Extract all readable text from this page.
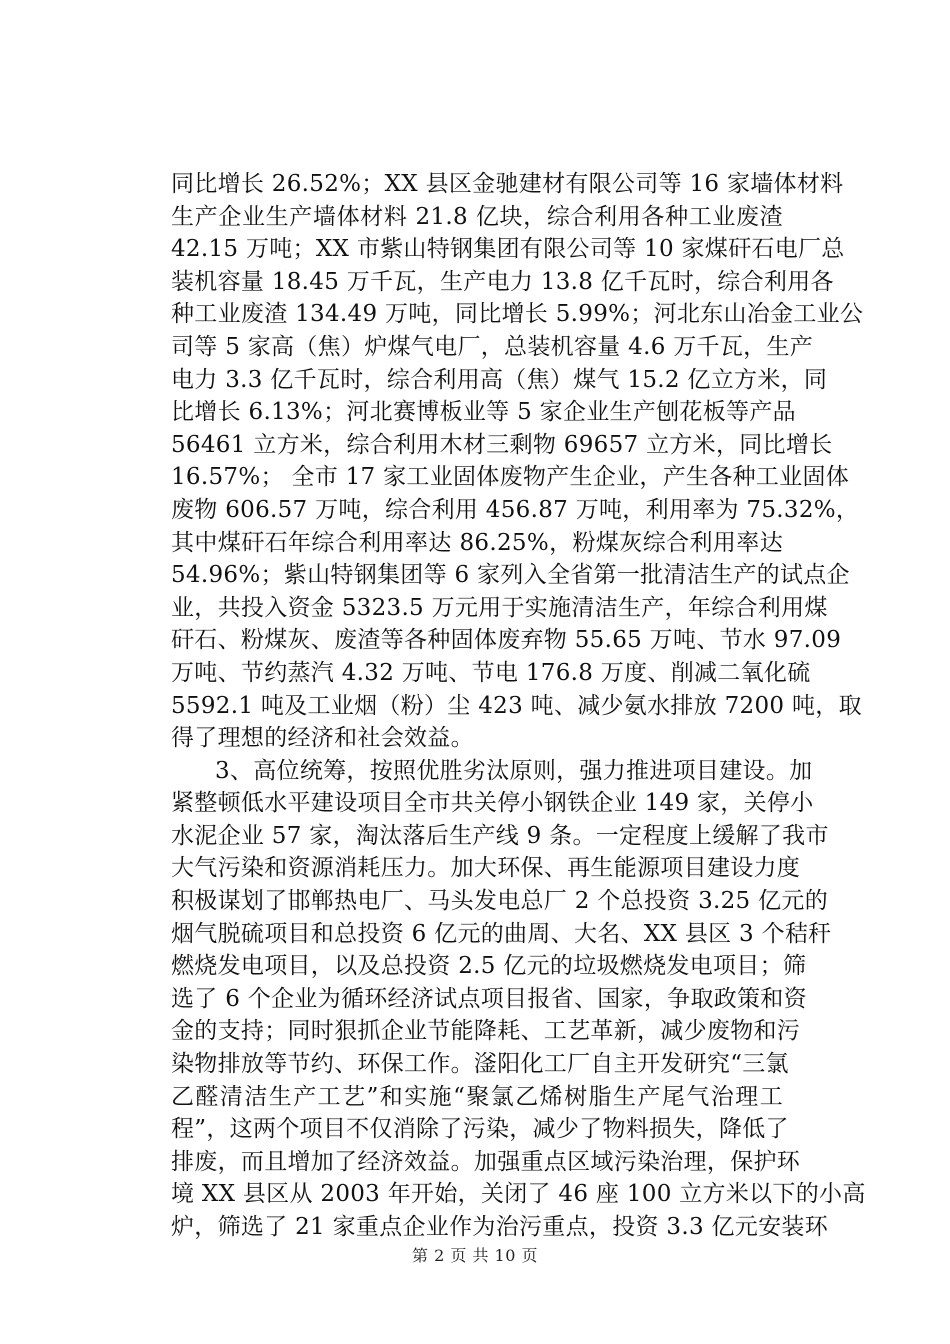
同比增长 26.52%；XX 县区金驰建材有限公司等 16 家墙体材料
生产企业生产墙体材料 21.8 亿块，综合利用各种工业废渣
42.15 万吨；XX 市紫山特钢集团有限公司等 10 家煤矸石电厂总
装机容量 18.45 万千瓦，生产电力 13.8 亿千瓦时，综合利用各
种工业废渣 134.49 万吨，同比增长 5.99%；河北东山冶金工业公
司等 5 家高（焦）炉煤气电厂，总装机容量 4.6 万千瓦，生产
电力 3.3 亿千瓦时，综合利用高（焦）煤气 15.2 亿立方米，同
比增长 6.13%；河北赛博板业等 5 家企业生产刨花板等产品
56461 立方米，综合利用木材三剩物 69657 立方米，同比增长
16.57%； 全市 17 家工业固体废物产生企业，产生各种工业固体
废物 606.57 万吨，综合利用 456.87 万吨，利用率为 75.32%，
其中煤矸石年综合利用率达 86.25%，粉煤灰综合利用率达
54.96%；紫山特钢集团等 6 家列入全省第一批清洁生产的试点企
业，共投入资金 5323.5 万元用于实施清洁生产，年综合利用煤
矸石、粉煤灰、废渣等各种固体废弃物 55.65 万吨、节水 97.09
万吨、节约蒸汽 4.32 万吨、节电 176.8 万度、削减二氧化硫
5592.1 吨及工业烟（粉）尘 423 吨、减少氨水排放 7200 吨，取
得了理想的经济和社会效益。
3、高位统筹，按照优胜劣汰原则，强力推进项目建设。加
紧整顿低水平建设项目全市共关停小钢铁企业 149 家，关停小
水泥企业 57 家，淘汰落后生产线 9 条。一定程度上缓解了我市
大气污染和资源消耗压力。加大环保、再生能源项目建设力度
积极谋划了邯郸热电厂、马头发电总厂 2 个总投资 3.25 亿元的
烟气脱硫项目和总投资 6 亿元的曲周、大名、XX 县区 3 个秸秆
燃烧发电项目，以及总投资 2.5 亿元的垃圾燃烧发电项目；筛
选了 6 个企业为循环经济试点项目报省、国家，争取政策和资
金的支持；同时狠抓企业节能降耗、工艺革新，减少废物和污
染物排放等节约、环保工作。滏阳化工厂自主开发研究“三氯
乙醛清洁生产工艺”和实施“聚氯乙烯树脂生产尾气治理工
程”，这两个项目不仅消除了污染，减少了物料损失，降低了
排废，而且增加了经济效益。加强重点区域污染治理，保护环
境 XX 县区从 2003 年开始，关闭了 46 座 100 立方米以下的小高
炉，筛选了 21 家重点企业作为治污重点，投资 3.3 亿元安装环
第 2 页 共 10 页
